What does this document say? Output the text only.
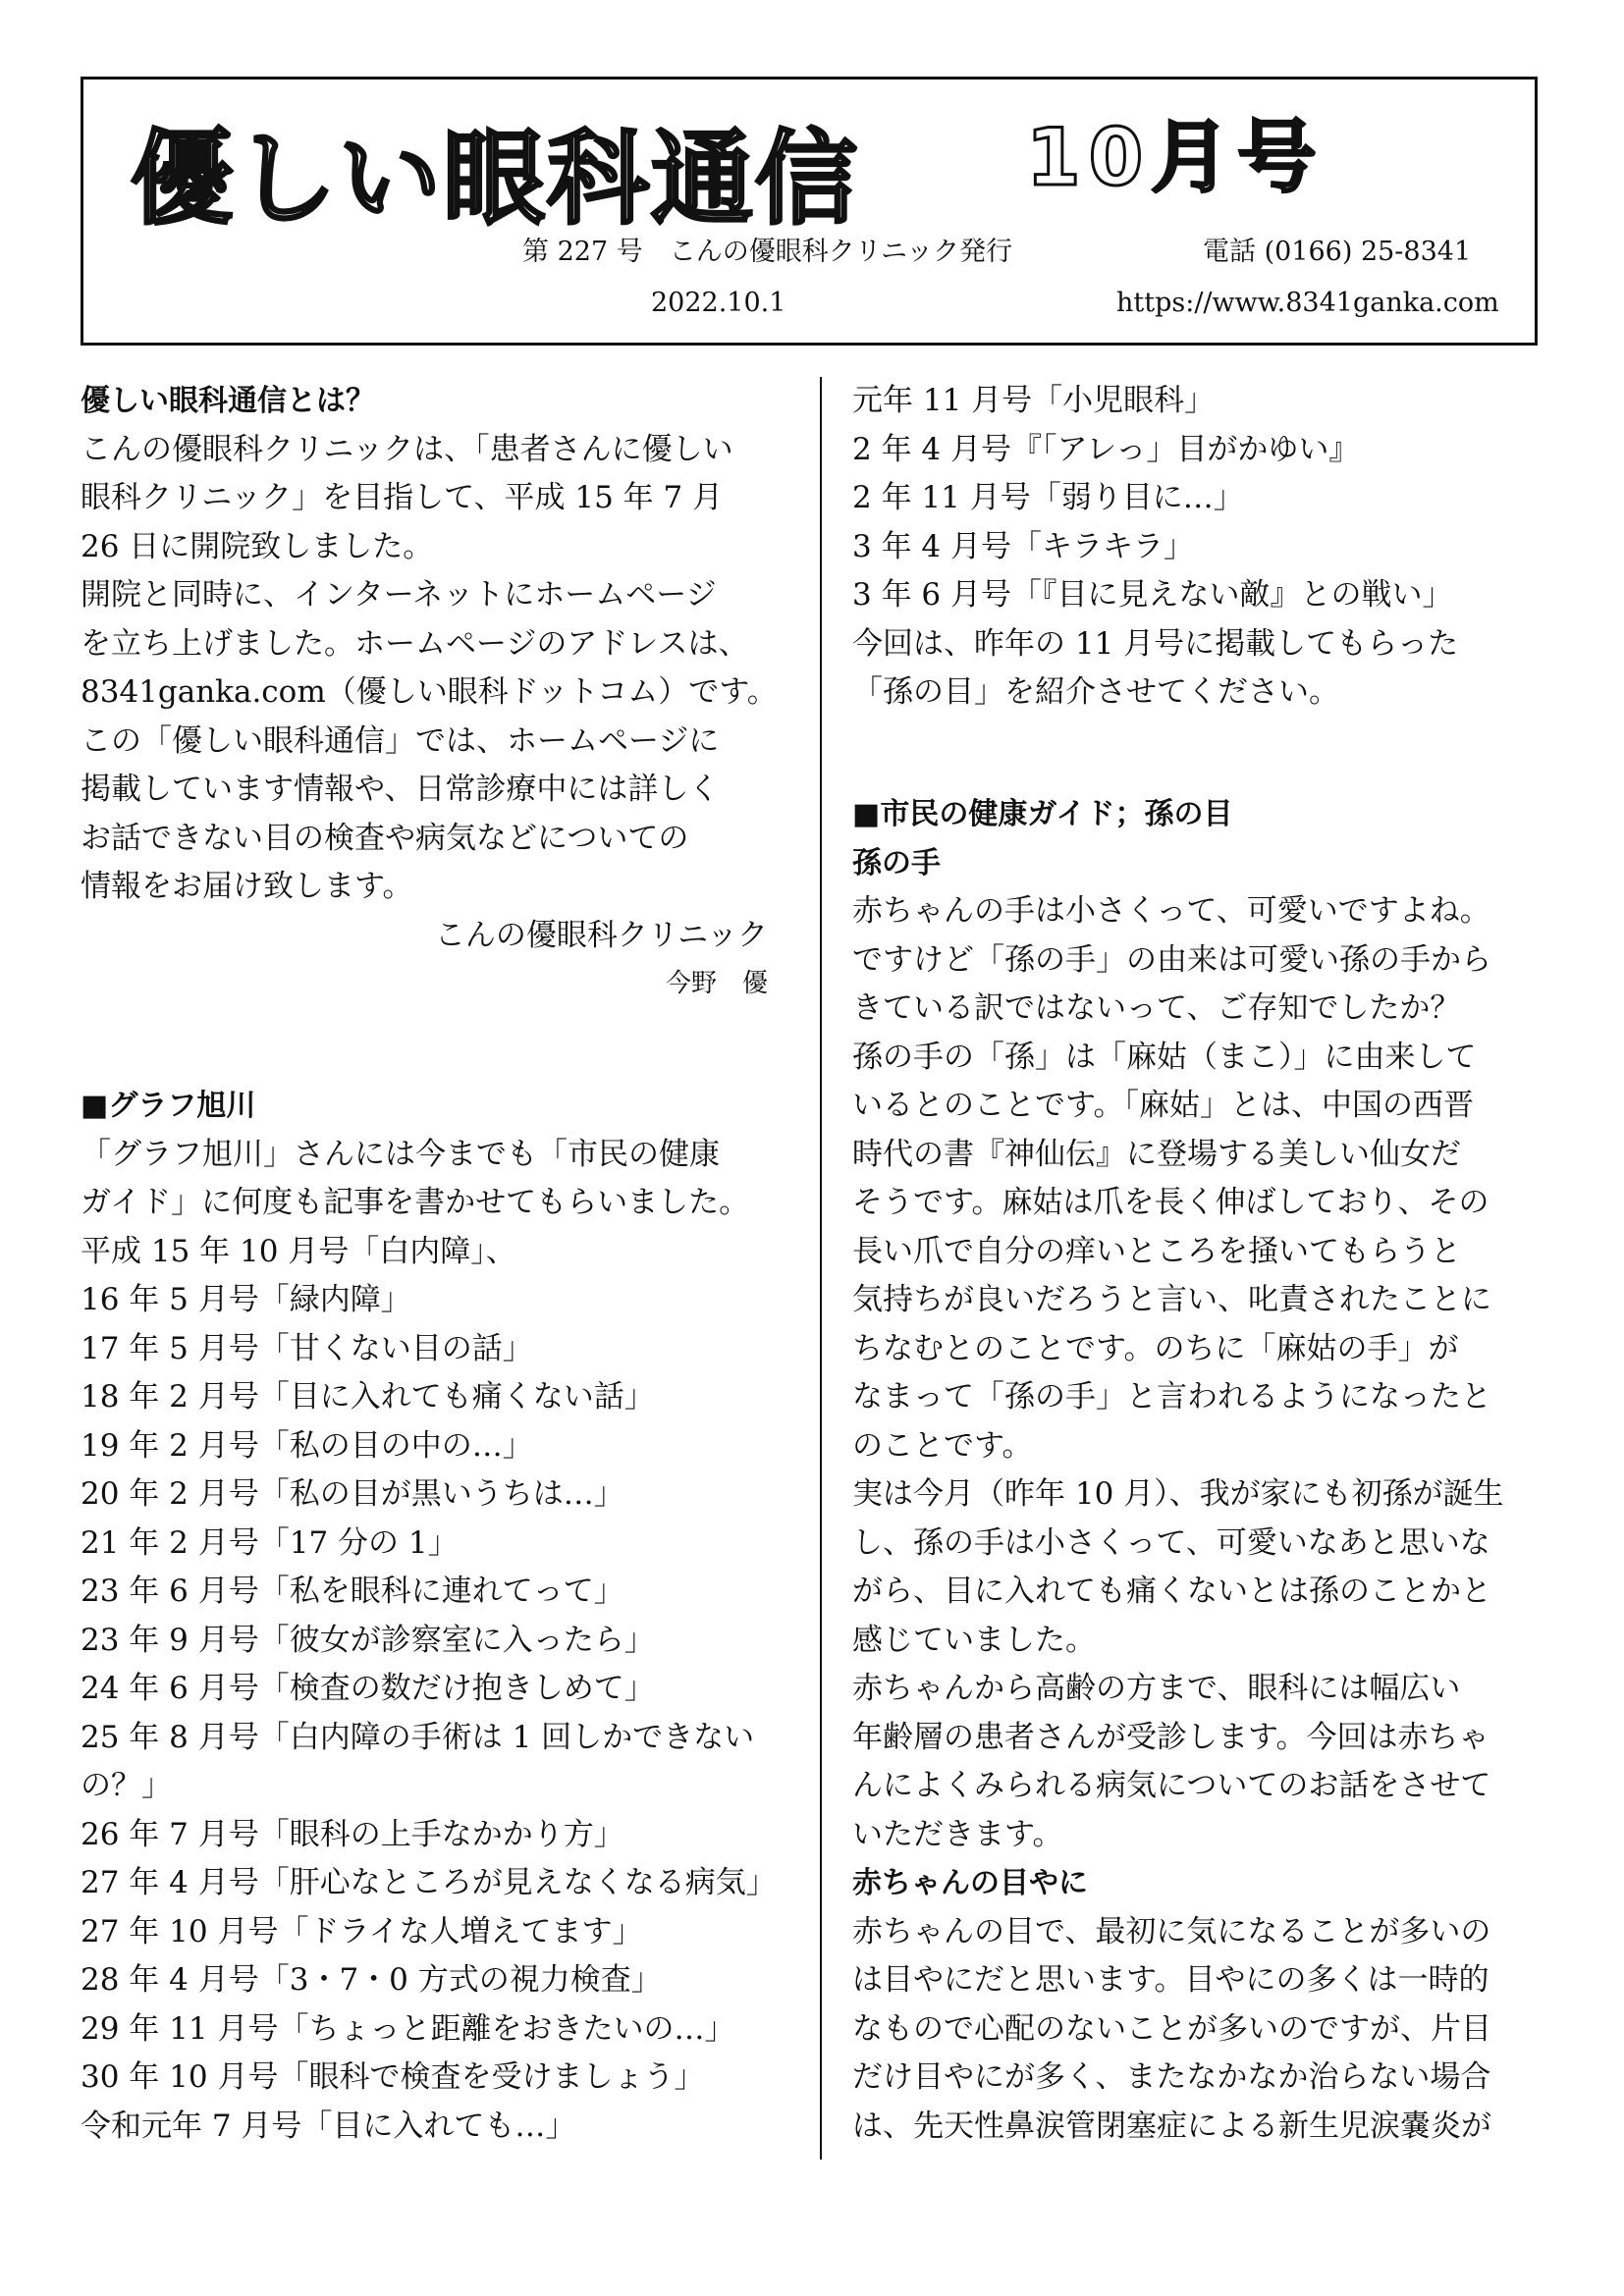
優しい眼科通信 10月号
第 227 号　こんの優眼科クリニック発行	電話 (0166) 25-8341
2022.10.1	https://www.8341ganka.com

優しい眼科通信とは？

こんの優眼科クリニックは、「患者さんに優しい

眼科クリニック」を目指して、平成 15 年 7 月

26 日に開院致しました。

開院と同時に、インターネットにホームページ

を立ち上げました。ホームページのアドレスは、

8341ganka.com（優しい眼科ドットコム）です。

この「優しい眼科通信」では、ホームページに

掲載しています情報や、日常診療中には詳しく

お話できない目の検査や病気などについての

情報をお届け致します。

こんの優眼科クリニック

今野　優

■グラフ旭川

「グラフ旭川」さんには今までも「市民の健康

ガイド」に何度も記事を書かせてもらいました。

平成 15 年 10 月号「白内障」、
16 年 5 月号「緑内障」
17 年 5 月号「甘くない目の話」
18 年 2 月号「目に入れても痛くない話」
19 年 2 月号「私の目の中の…」
20 年 2 月号「私の目が黒いうちは…」
21 年 2 月号「17 分の 1」
23 年 6 月号「私を眼科に連れてって」
23 年 9 月号「彼女が診察室に入ったら」
24 年 6 月号「検査の数だけ抱きしめて」
25 年 8 月号「白内障の手術は 1 回しかできない
の？」
26 年 7 月号「眼科の上手なかかり方」
27 年 4 月号「肝心なところが見えなくなる病気」
27 年 10 月号「ドライな人増えてます」
28 年 4 月号「3・7・0 方式の視力検査」
29 年 11 月号「ちょっと距離をおきたいの…」
30 年 10 月号「眼科で検査を受けましょう」
令和元年 7 月号「目に入れても…」
元年 11 月号「小児眼科」
2 年 4 月号『「アレっ」目がかゆい』
2 年 11 月号「弱り目に…」
3 年 4 月号「キラキラ」
3 年 6 月号「『目に見えない敵』との戦い」

今回は、昨年の 11 月号に掲載してもらった

「孫の目」を紹介させてください。

■市民の健康ガイド；孫の目

孫の手

赤ちゃんの手は小さくって、可愛いですよね。

ですけど「孫の手」の由来は可愛い孫の手から

きている訳ではないって、ご存知でしたか？

孫の手の「孫」は「麻姑（まこ）」に由来して

いるとのことです。「麻姑」とは、中国の西晋

時代の書『神仙伝』に登場する美しい仙女だ

そうです。麻姑は爪を長く伸ばしており、その

長い爪で自分の痒いところを掻いてもらうと

気持ちが良いだろうと言い、叱責されたことに

ちなむとのことです。のちに「麻姑の手」が

なまって「孫の手」と言われるようになったと

のことです。

実は今月（昨年 10 月）、我が家にも初孫が誕生

し、孫の手は小さくって、可愛いなあと思いな

がら、目に入れても痛くないとは孫のことかと

感じていました。

赤ちゃんから高齢の方まで、眼科には幅広い

年齢層の患者さんが受診します。今回は赤ちゃ

んによくみられる病気についてのお話をさせて

いただきます。

赤ちゃんの目やに

赤ちゃんの目で、最初に気になることが多いの

は目やにだと思います。目やにの多くは一時的

なもので心配のないことが多いのですが、片目

だけ目やにが多く、またなかなか治らない場合

は、先天性鼻涙管閉塞症による新生児涙嚢炎が
